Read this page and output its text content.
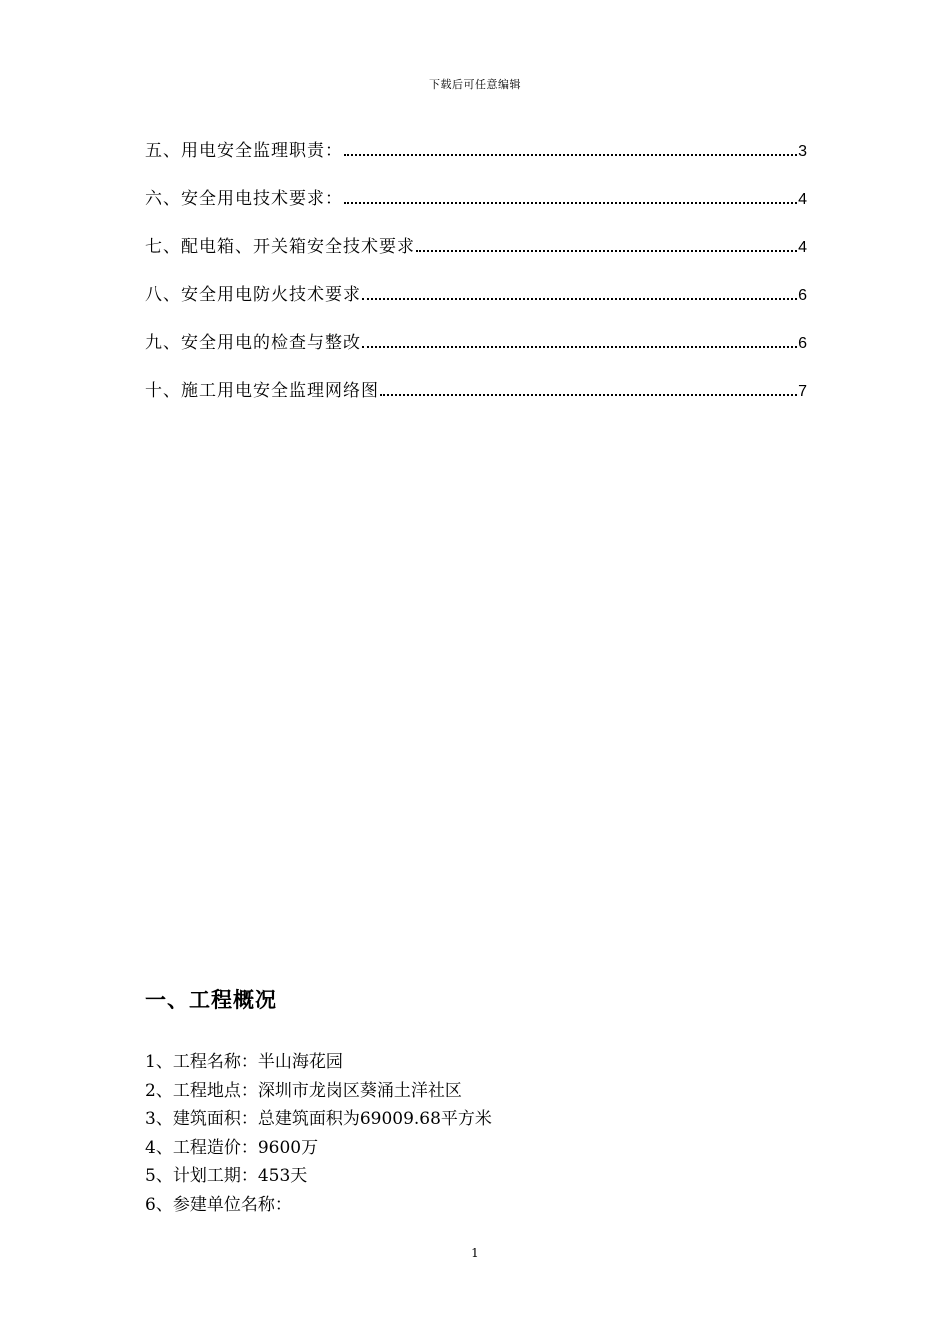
下载后可任意编辑
五、用电安全监理职责：	3
六、安全用电技术要求：	4
七、配电箱、开关箱安全技术要求	4
八、安全用电防火技术要求	6
九、安全用电的检查与整改	6
十、施工用电安全监理网络图	7
一、工程概况
1、工程名称：半山海花园
2、工程地点：深圳市龙岗区葵涌土洋社区
3、建筑面积：总建筑面积为69009.68平方米
4、工程造价：9600万
5、计划工期：453天
6、参建单位名称：
1
